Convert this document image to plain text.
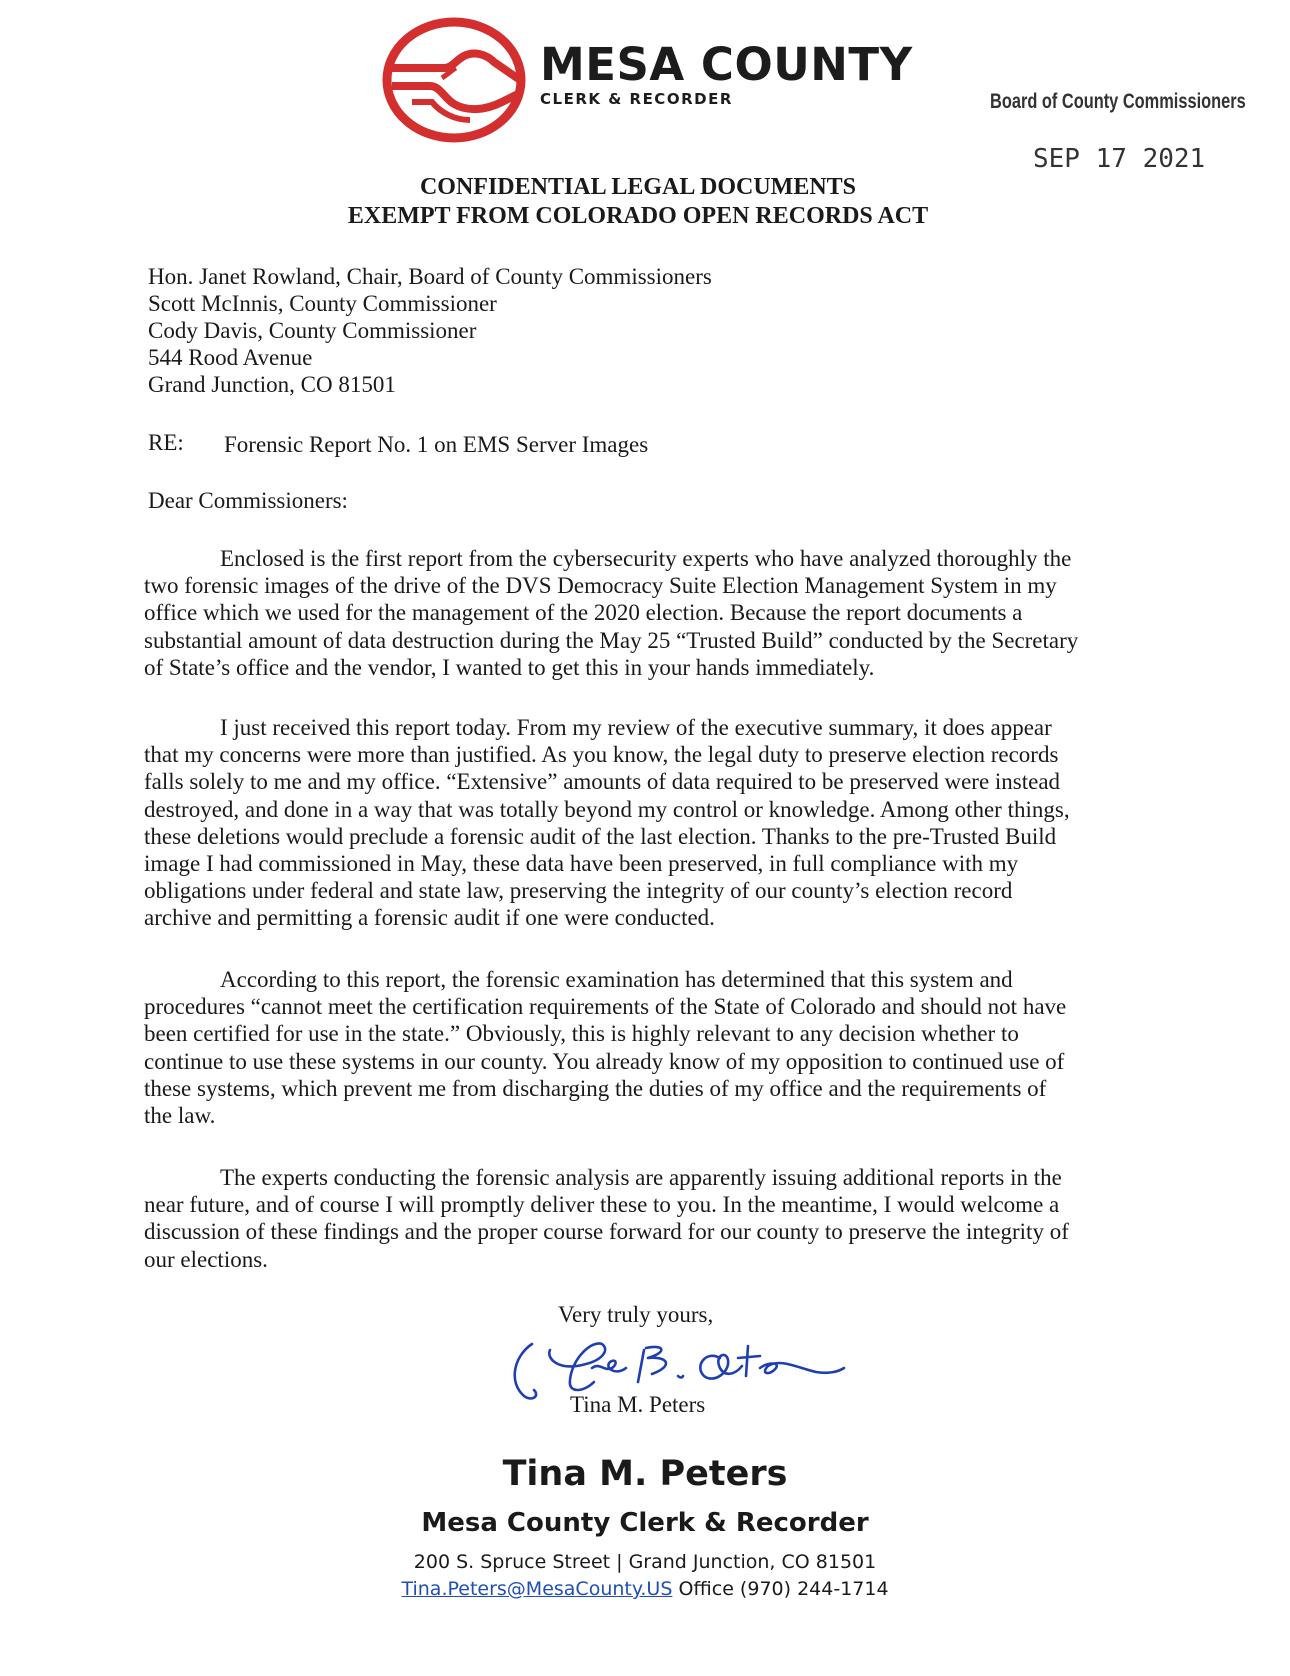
MESA COUNTY
CLERK & RECORDER	Board of County Commissioners
SEP 17 2021
CONFIDENTIAL LEGAL DOCUMENTS
EXEMPT FROM COLORADO OPEN RECORDS ACT
Hon. Janet Rowland, Chair, Board of County Commissioners
Scott McInnis, County Commissioner
Cody Davis, County Commissioner
544 Rood Avenue
Grand Junction, CO 81501
RE: Forensic Report No. 1 on EMS Server Images
Dear Commissioners:
Enclosed is the first report from the cybersecurity experts who have analyzed thoroughly the
two forensic images of the drive of the DVS Democracy Suite Election Management System in my
office which we used for the management of the 2020 election. Because the report documents a
substantial amount of data destruction during the May 25 “Trusted Build” conducted by the Secretary
of State’s office and the vendor, I wanted to get this in your hands immediately.
I just received this report today. From my review of the executive summary, it does appear
that my concerns were more than justified. As you know, the legal duty to preserve election records
falls solely to me and my office. “Extensive” amounts of data required to be preserved were instead
destroyed, and done in a way that was totally beyond my control or knowledge. Among other things,
these deletions would preclude a forensic audit of the last election. Thanks to the pre-Trusted Build
image I had commissioned in May, these data have been preserved, in full compliance with my
obligations under federal and state law, preserving the integrity of our county’s election record
archive and permitting a forensic audit if one were conducted.
According to this report, the forensic examination has determined that this system and
procedures “cannot meet the certification requirements of the State of Colorado and should not have
been certified for use in the state.” Obviously, this is highly relevant to any decision whether to
continue to use these systems in our county. You already know of my opposition to continued use of
these systems, which prevent me from discharging the duties of my office and the requirements of
the law.
The experts conducting the forensic analysis are apparently issuing additional reports in the
near future, and of course I will promptly deliver these to you. In the meantime, I would welcome a
discussion of these findings and the proper course forward for our county to preserve the integrity of
our elections.
Very truly yours,
Tina M. Peters
Tina M. Peters
Mesa County Clerk & Recorder
200 S. Spruce Street | Grand Junction, CO 81501
Tina.Peters@MesaCounty.US Office (970) 244-1714
